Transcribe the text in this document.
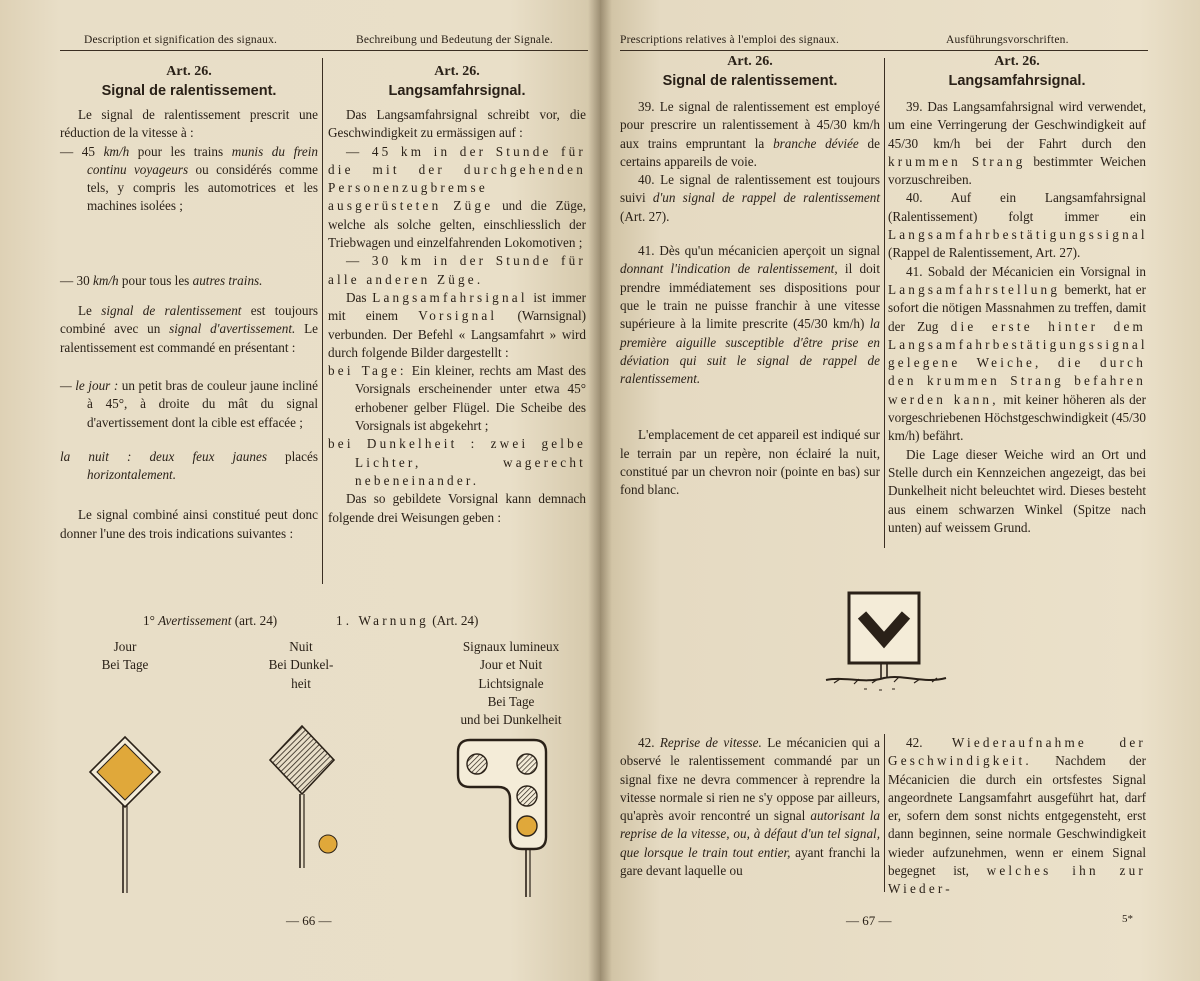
Description et signification des signaux.	Bechreibung und Bedeutung der Signale.
Art. 26.
Signal de ralentissement.

Le signal de ralentissement prescrit une réduction de la vitesse à :

— 45 km/h pour les trains munis du frein continu voyageurs ou considérés comme tels, y compris les automotrices et les machines isolées ;

— 30 km/h pour tous les autres trains.

Le signal de ralentissement est toujours combiné avec un signal d'avertissement. Le ralentissement est commandé en présentant :

— le jour : un petit bras de couleur jaune incliné à 45°, à droite du mât du signal d'avertissement dont la cible est effacée ;

la nuit : deux feux jaunes placés horizontalement.

Le signal combiné ainsi constitué peut donc donner l'une des trois indications suivantes :

Art. 26.
Langsamfahrsignal.

Das Langsamfahrsignal schreibt vor, die Geschwindigkeit zu ermässigen auf :

— 45 km in der Stunde für die mit der durchgehenden Personenzugbremse ausgerüsteten Züge und die Züge, welche als solche gelten, einschliesslich der Triebwagen und einzelfahrenden Lokomotiven ;

— 30 km in der Stunde für alle anderen Züge.

Das Langsamfahrsignal ist immer mit einem Vorsignal (Warnsignal) verbunden. Der Befehl « Langsamfahrt » wird durch folgende Bilder dargestellt :

bei Tage: Ein kleiner, rechts am Mast des Vorsignals erscheinender unter etwa 45° erhobener gelber Flügel. Die Scheibe des Vorsignals ist abgekehrt ;

bei Dunkelheit : zwei gelbe Lichter, wagerecht nebeneinander.

Das so gebildete Vorsignal kann demnach folgende drei Weisungen geben :

1° Avertissement (art. 24)	1. Warnung (Art. 24)
Jour
Bei Tage
Nuit
Bei Dunkel-
heit
Signaux lumineux
Jour et Nuit
Lichtsignale
Bei Tage
und bei Dunkelheit
— 66 —
Prescriptions relatives à l'emploi des signaux.	Ausführungsvorschriften.
Art. 26.
Signal de ralentissement.

39. Le signal de ralentissement est employé pour prescrire un ralentissement à 45/30 km/h aux trains empruntant la branche déviée de certains appareils de voie.

40. Le signal de ralentissement est toujours suivi d'un signal de rappel de ralentissement (Art. 27).

41. Dès qu'un mécanicien aperçoit un signal donnant l'indication de ralentissement, il doit prendre immédiatement ses dispositions pour que le train ne puisse franchir à une vitesse supérieure à la limite prescrite (45/30 km/h) la première aiguille susceptible d'être prise en déviation qui suit le signal de rappel de ralentissement.

L'emplacement de cet appareil est indiqué sur le terrain par un repère, non éclairé la nuit, constitué par un chevron noir (pointe en bas) sur fond blanc.

Art. 26.
Langsamfahrsignal.

39. Das Langsamfahrsignal wird verwendet, um eine Verringerung der Geschwindigkeit auf 45/30 km/h bei der Fahrt durch den krummen Strang bestimmter Weichen vorzuschreiben.

40. Auf ein Langsamfahrsignal (Ralentissement) folgt immer ein Langsamfahrbestätigungssignal (Rappel de Ralentissement, Art. 27).

41. Sobald der Mécanicien ein Vorsignal in Langsamfahrstellung bemerkt, hat er sofort die nötigen Massnahmen zu treffen, damit der Zug die erste hinter dem Langsamfahrbestätigungssignal gelegene Weiche, die durch den krummen Strang befahren werden kann, mit keiner höheren als der vorgeschriebenen Höchstgeschwindigkeit (45/30 km/h) befährt.

Die Lage dieser Weiche wird an Ort und Stelle durch ein Kennzeichen angezeigt, das bei Dunkelheit nicht beleuchtet wird. Dieses besteht aus einem schwarzen Winkel (Spitze nach unten) auf weissem Grund.

42. Reprise de vitesse. Le mécanicien qui a observé le ralentissement commandé par un signal fixe ne devra commencer à reprendre la vitesse normale si rien ne s'y oppose par ailleurs, qu'après avoir rencontré un signal autorisant la reprise de la vitesse, ou, à défaut d'un tel signal, que lorsque le train tout entier, ayant franchi la gare devant laquelle ou

42. Wiederaufnahme der Geschwindigkeit. Nachdem der Mécanicien die durch ein ortsfestes Signal angeordnete Langsamfahrt ausgeführt hat, darf er, sofern dem sonst nichts entgegensteht, erst dann beginnen, seine normale Geschwindigkeit wieder aufzunehmen, wenn er einem Signal begegnet ist, welches ihn zur Wieder-

— 67 —	5*
